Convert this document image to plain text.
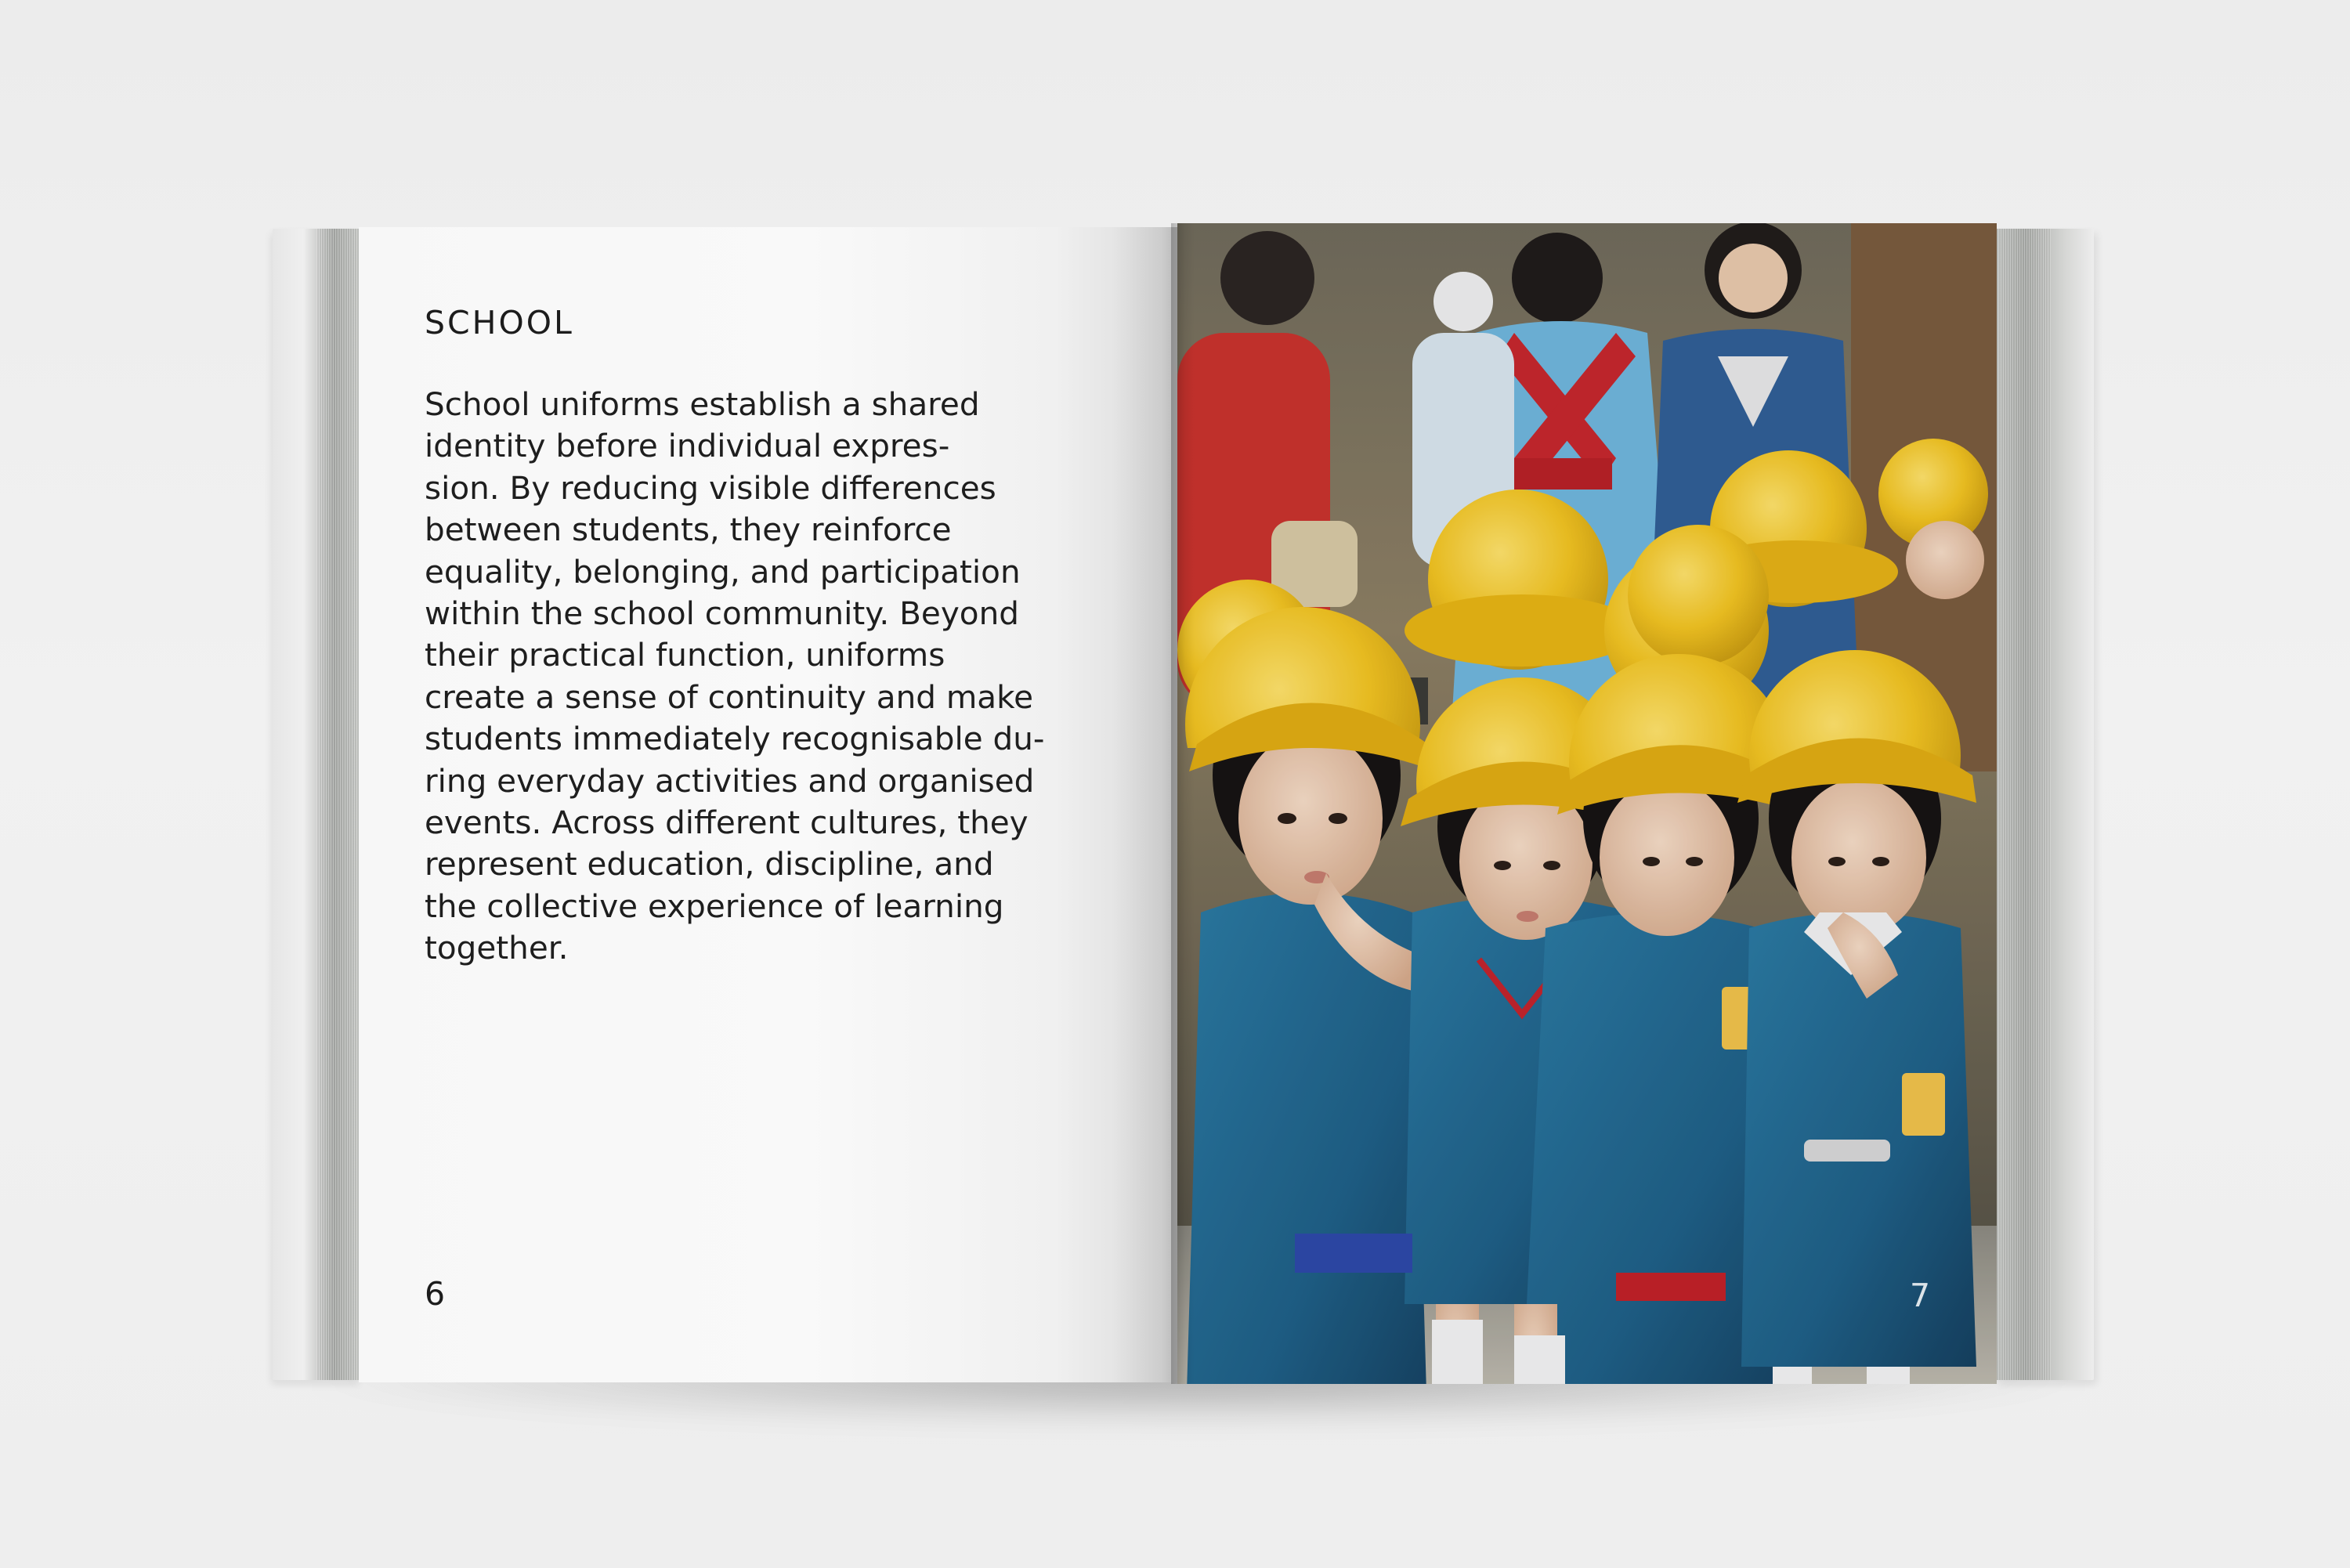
SCHOOL

School uniforms establish a shared
identity before individual expres-
sion. By reducing visible differences
between students, they reinforce
equality, belonging, and participation
within the school community. Beyond
their practical function, uniforms
create a sense of continuity and make
students immediately recognisable du-
ring everyday activities and organised
events. Across different cultures, they
represent education, discipline, and
the collective experience of learning
together.

6	7
